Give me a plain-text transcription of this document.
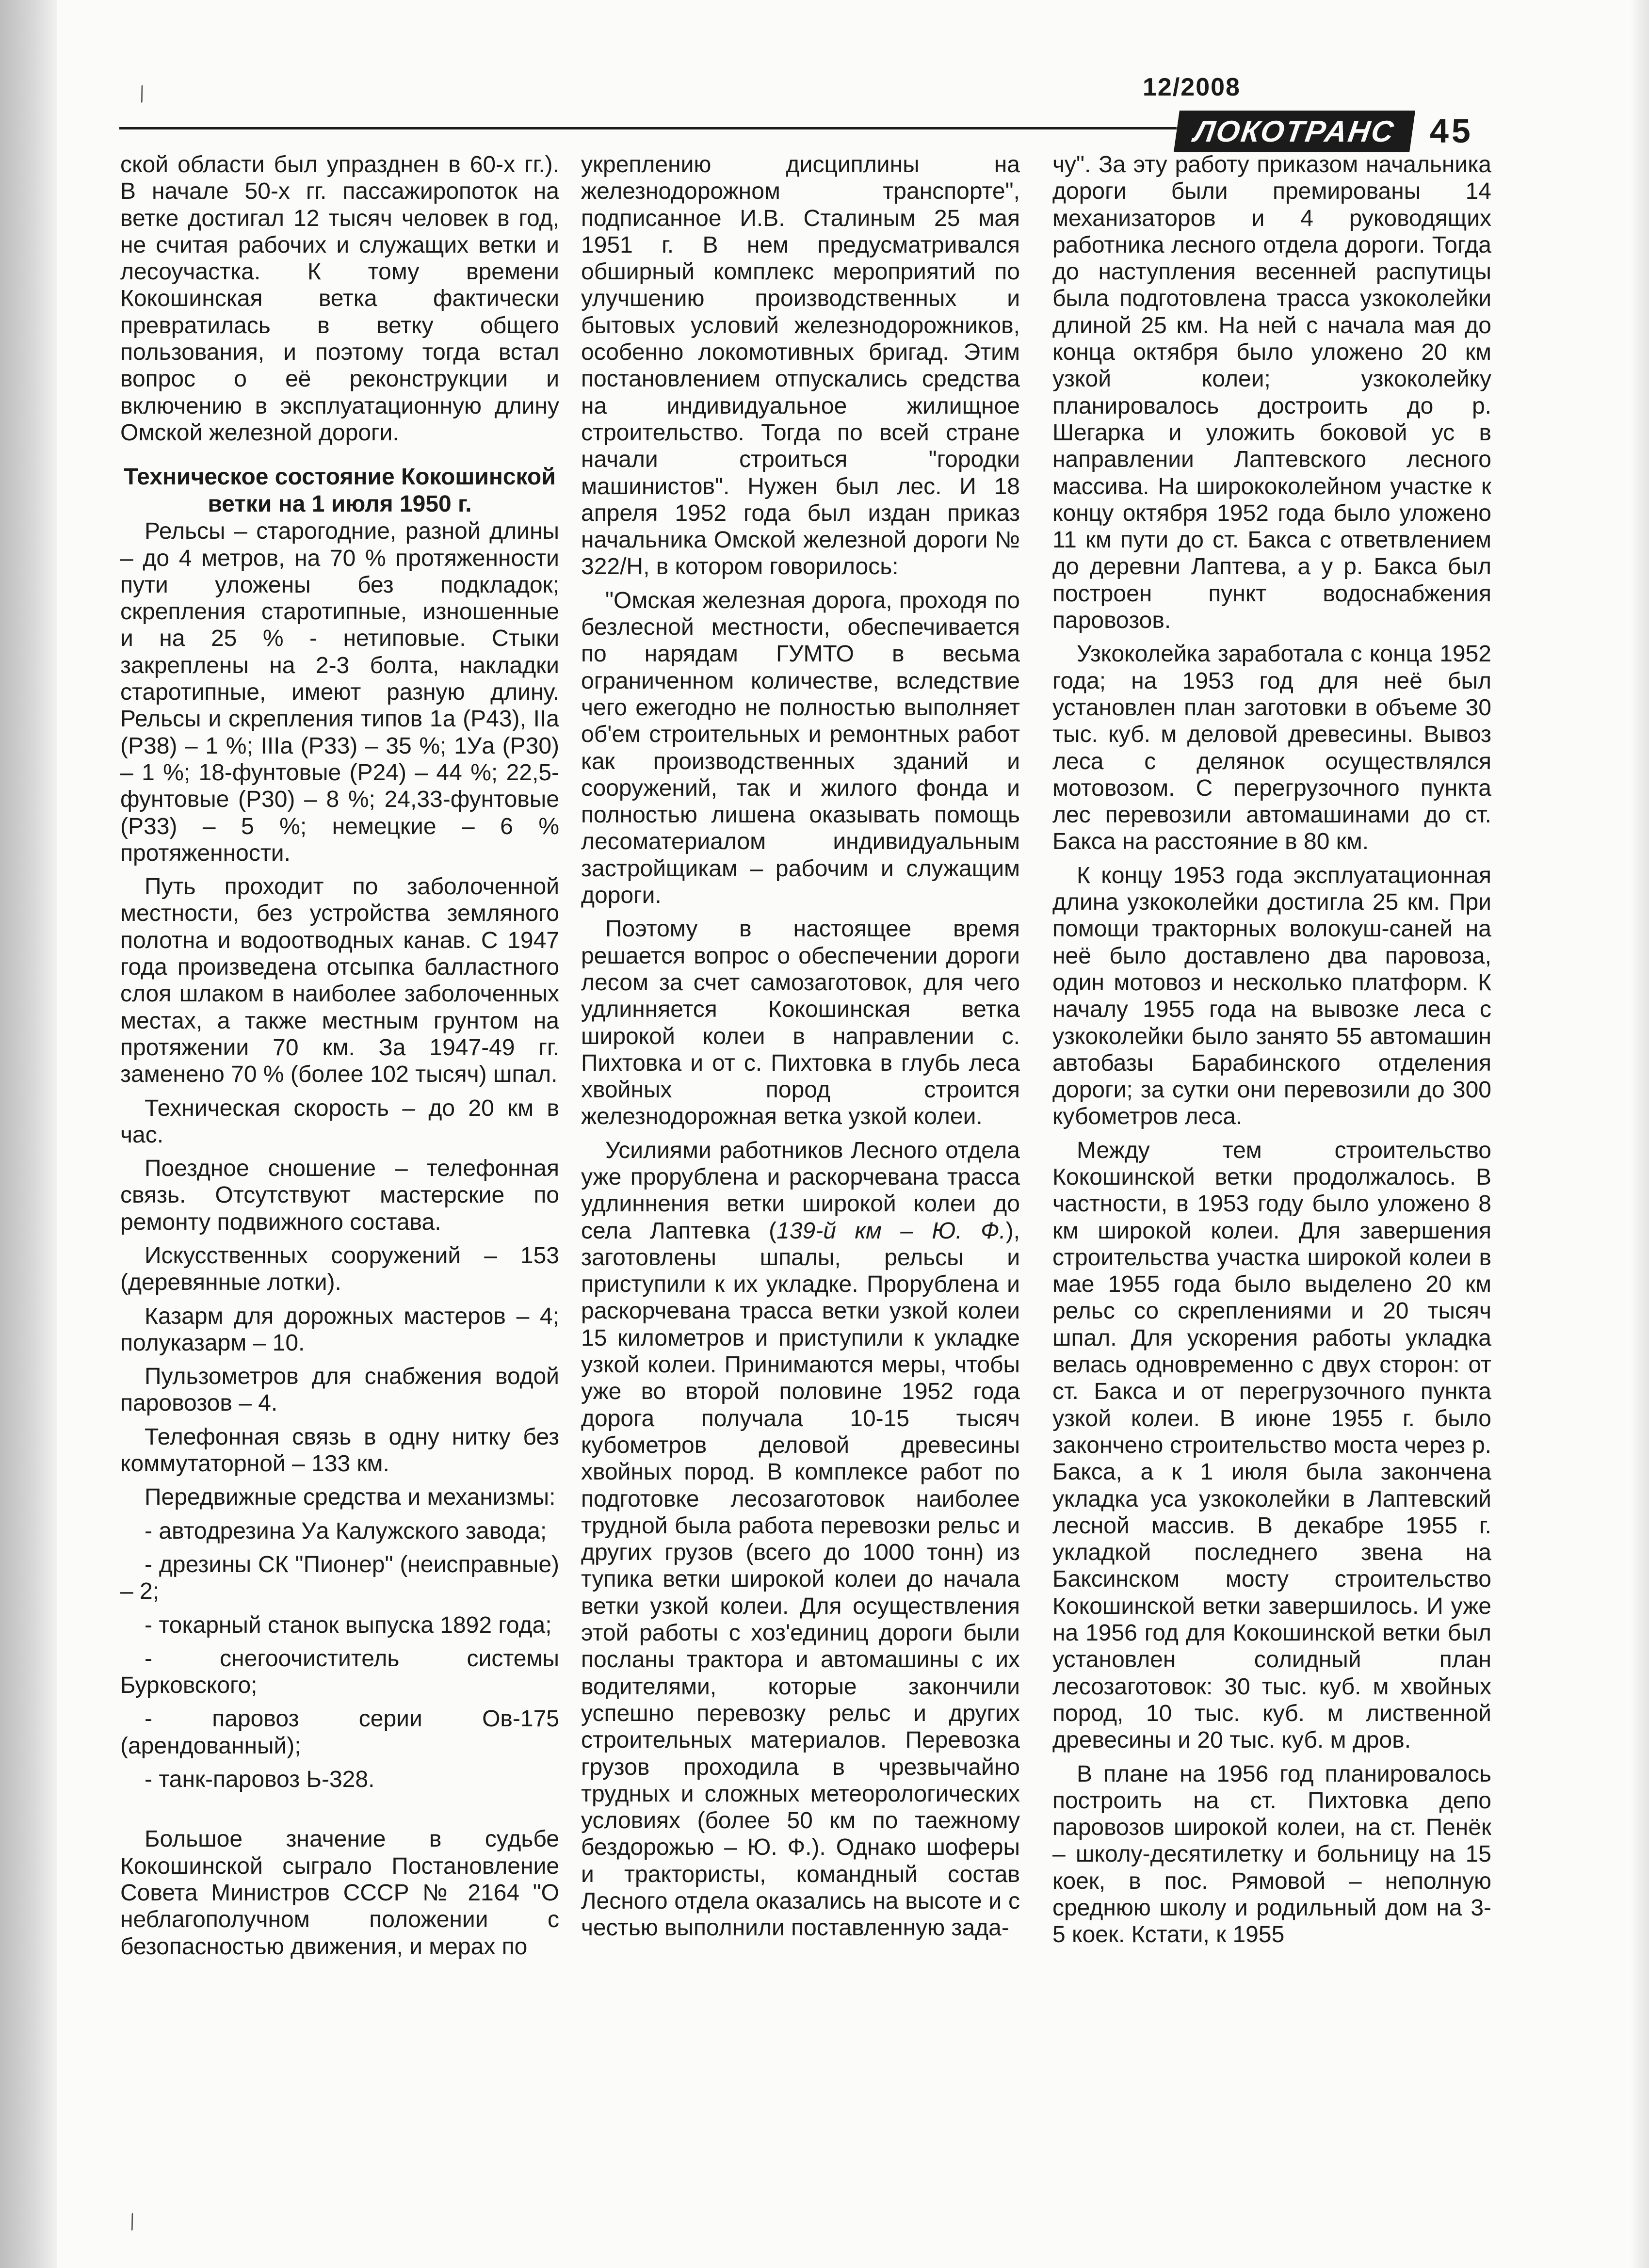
12/2008
ЛОКОТРАНС 45
⁄
⁄

ской области был упразднен в 60-х гг.). В начале 50-х гг. пассажиропоток на ветке достигал 12 тысяч человек в год, не считая рабочих и служащих ветки и лесоучастка. К тому времени Кокошинская ветка фактически превратилась в ветку общего пользования, и поэтому тогда встал вопрос о её реконструкции и включению в эксплуатационную длину Омской железной дороги.

Техническое состояние Кокошинской ветки на 1 июля 1950 г.

Рельсы – старогодние, разной длины – до 4 метров, на 70 % протяженности пути уложены без подкладок; скрепления старотипные, изношенные и на 25 % - нетиповые. Стыки закреплены на 2-3 болта, накладки старотипные, имеют разную длину. Рельсы и скрепления типов 1а (Р43), IIа (Р38) – 1 %; IIIа (Р33) – 35 %; 1Уа (Р30) – 1 %; 18-фунтовые (Р24) – 44 %; 22,5-фунтовые (Р30) – 8 %; 24,33-фунтовые (Р33) – 5 %; немецкие – 6 % протяженности.

Путь проходит по заболоченной местности, без устройства земляного полотна и водоотводных канав. С 1947 года произведена отсыпка балластного слоя шлаком в наиболее заболоченных местах, а также местным грунтом на протяжении 70 км. За 1947-49 гг. заменено 70 % (более 102 тысяч) шпал.

Техническая скорость – до 20 км в час.

Поездное сношение – телефонная связь. Отсутствуют мастерские по ремонту подвижного состава.

Искусственных сооружений – 153 (деревянные лотки).

Казарм для дорожных мастеров – 4; полуказарм – 10.

Пульзометров для снабжения водой паровозов – 4.

Телефонная связь в одну нитку без коммутаторной – 133 км.

Передвижные средства и механизмы:

- автодрезина Уа Калужского завода;

- дрезины СК "Пионер" (неисправные) – 2;

- токарный станок выпуска 1892 года;

- снегоочиститель системы Бурковского;

- паровоз серии Ов-175 (арендованный);

- танк-паровоз Ь-328.

Большое значение в судьбе Кокошинской сыграло Постановление Совета Министров СССР № 2164 "О неблагополучном положении с безопасностью движения, и мерах по

укреплению дисциплины на железнодорожном транспорте", подписанное И.В. Сталиным 25 мая 1951 г. В нем предусматривался обширный комплекс мероприятий по улучшению производственных и бытовых условий железнодорожников, особенно локомотивных бригад. Этим постановлением отпускались средства на индивидуальное жилищное строительство. Тогда по всей стране начали строиться "городки машинистов". Нужен был лес. И 18 апреля 1952 года был издан приказ начальника Омской железной дороги № 322/Н, в котором говорилось:

"Омская железная дорога, проходя по безлесной местности, обеспечивается по нарядам ГУМТО в весьма ограниченном количестве, вследствие чего ежегодно не полностью выполняет об'ем строительных и ремонтных работ как производственных зданий и сооружений, так и жилого фонда и полностью лишена оказывать помощь лесоматериалом индивидуальным застройщикам – рабочим и служащим дороги.

Поэтому в настоящее время решается вопрос о обеспечении дороги лесом за счет самозаготовок, для чего удлинняется Кокошинская ветка широкой колеи в направлении с. Пихтовка и от с. Пихтовка в глубь леса хвойных пород строится железнодорожная ветка узкой колеи.

Усилиями работников Лесного отдела уже прорублена и раскорчевана трасса удлиннения ветки широкой колеи до села Лаптевка (139-й км – Ю. Ф.), заготовлены шпалы, рельсы и приступили к их укладке. Прорублена и раскорчевана трасса ветки узкой колеи 15 километров и приступили к укладке узкой колеи. Принимаются меры, чтобы уже во второй половине 1952 года дорога получала 10-15 тысяч кубометров деловой древесины хвойных пород. В комплексе работ по подготовке лесозаготовок наиболее трудной была работа перевозки рельс и других грузов (всего до 1000 тонн) из тупика ветки широкой колеи до начала ветки узкой колеи. Для осуществления этой работы с хоз'единиц дороги были посланы трактора и автомашины с их водителями, которые закончили успешно перевозку рельс и других строительных материалов. Перевозка грузов проходила в чрезвычайно трудных и сложных метеорологических условиях (более 50 км по таежному бездорожью – Ю. Ф.). Однако шоферы и трактористы, командный состав Лесного отдела оказались на высоте и с честью выполнили поставленную зада-

чу". За эту работу приказом начальника дороги были премированы 14 механизаторов и 4 руководящих работника лесного отдела дороги. Тогда до наступления весенней распутицы была подготовлена трасса узкоколейки длиной 25 км. На ней с начала мая до конца октября было уложено 20 км узкой колеи; узкоколейку планировалось достроить до р. Шегарка и уложить боковой ус в направлении Лаптевского лесного массива. На ширококолейном участке к концу октября 1952 года было уложено 11 км пути до ст. Бакса с ответвлением до деревни Лаптева, а у р. Бакса был построен пункт водоснабжения паровозов.

Узкоколейка заработала с конца 1952 года; на 1953 год для неё был установлен план заготовки в объеме 30 тыс. куб. м деловой древесины. Вывоз леса с делянок осуществлялся мотовозом. С перегрузочного пункта лес перевозили автомашинами до ст. Бакса на расстояние в 80 км.

К концу 1953 года эксплуатационная длина узкоколейки достигла 25 км. При помощи тракторных волокуш-саней на неё было доставлено два паровоза, один мотовоз и несколько платформ. К началу 1955 года на вывозке леса с узкоколейки было занято 55 автомашин автобазы Барабинского отделения дороги; за сутки они перевозили до 300 кубометров леса.

Между тем строительство Кокошинской ветки продолжалось. В частности, в 1953 году было уложено 8 км широкой колеи. Для завершения строительства участка широкой колеи в мае 1955 года было выделено 20 км рельс со скреплениями и 20 тысяч шпал. Для ускорения работы укладка велась одновременно с двух сторон: от ст. Бакса и от перегрузочного пункта узкой колеи. В июне 1955 г. было закончено строительство моста через р. Бакса, а к 1 июля была закончена укладка уса узкоколейки в Лаптевский лесной массив. В декабре 1955 г. укладкой последнего звена на Баксинском мосту строительство Кокошинской ветки завершилось. И уже на 1956 год для Кокошинской ветки был установлен солидный план лесозаготовок: 30 тыс. куб. м хвойных пород, 10 тыс. куб. м лиственной древесины и 20 тыс. куб. м дров.

В плане на 1956 год планировалось построить на ст. Пихтовка депо паровозов широкой колеи, на ст. Пенёк – школу-десятилетку и больницу на 15 коек, в пос. Рямовой – неполную среднюю школу и родильный дом на 3-5 коек. Кстати, к 1955
